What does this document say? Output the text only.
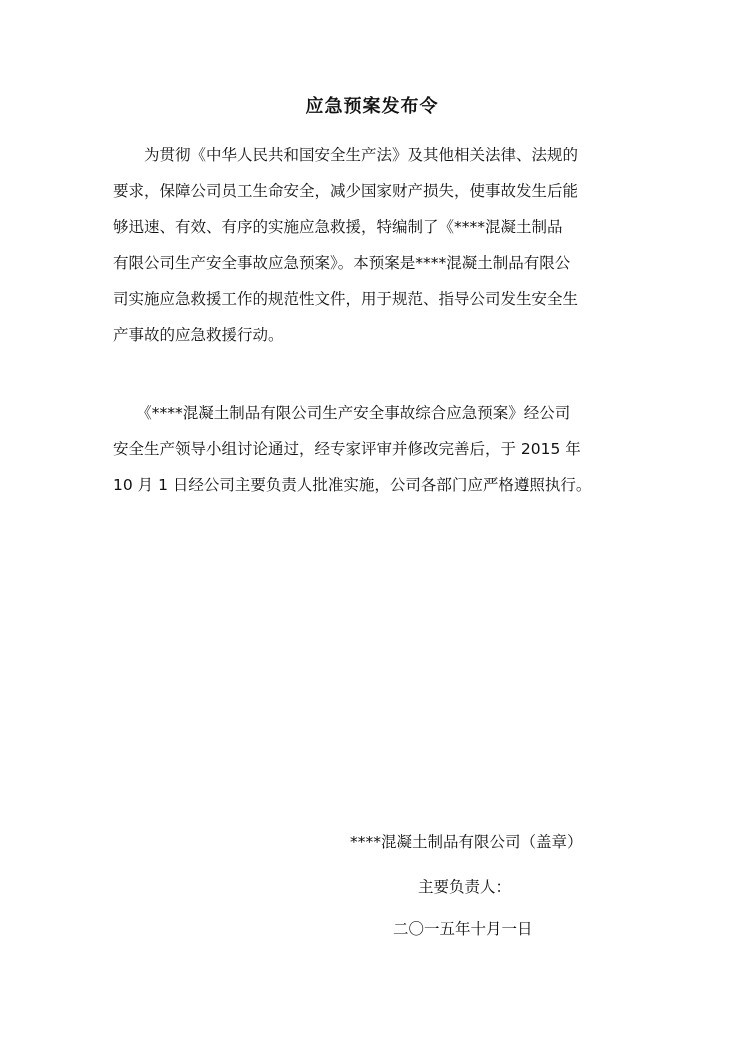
应急预案发布令
　　为贯彻《中华人民共和国安全生产法》及其他相关法律、法规的
要求，保障公司员工生命安全，减少国家财产损失，使事故发生后能
够迅速、有效、有序的实施应急救援，特编制了《****混凝土制品
有限公司生产安全事故应急预案》。本预案是****混凝土制品有限公
司实施应急救援工作的规范性文件，用于规范、指导公司发生安全生
产事故的应急救援行动。
　　《****混凝土制品有限公司生产安全事故综合应急预案》经公司
安全生产领导小组讨论通过，经专家评审并修改完善后，于 2015 年
10 月 1 日经公司主要负责人批准实施，公司各部门应严格遵照执行。
****混凝土制品有限公司（盖章）
主要负责人：
二〇一五年十月一日
